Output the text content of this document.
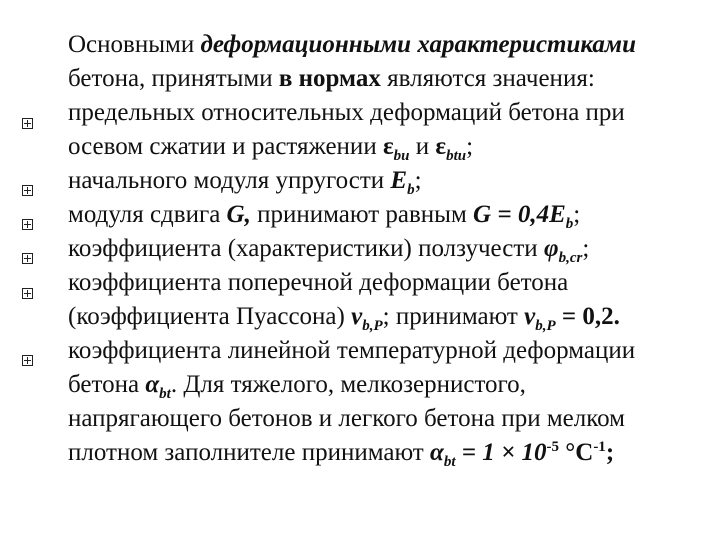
Основными деформационными характеристиками
бетона, принятыми в нормах являются значения:
предельных относительных деформаций бетона при
осевом сжатии и растяжении $\varepsilon_{bu}$ и $\varepsilon_{btu}$;
начального модуля упругости $E_b$;
модуля сдвига G, принимают равным $G = 0,4E_b$;
коэффициента (характеристики) ползучести $\varphi_{b,cr}$;
коэффициента поперечной деформации бетона
(коэффициента Пуассона) $v_{b,P}$; принимают $v_{b,P} = 0,2$.
коэффициента линейной температурной деформации
бетона $\alpha_{bt}$. Для тяжелого, мелкозернистого,
напрягающего бетонов и легкого бетона при мелком
плотном заполнителе принимают $\alpha_{bt} = 1 \times 10^{-5}$ $^\circ C^{-1}$;
